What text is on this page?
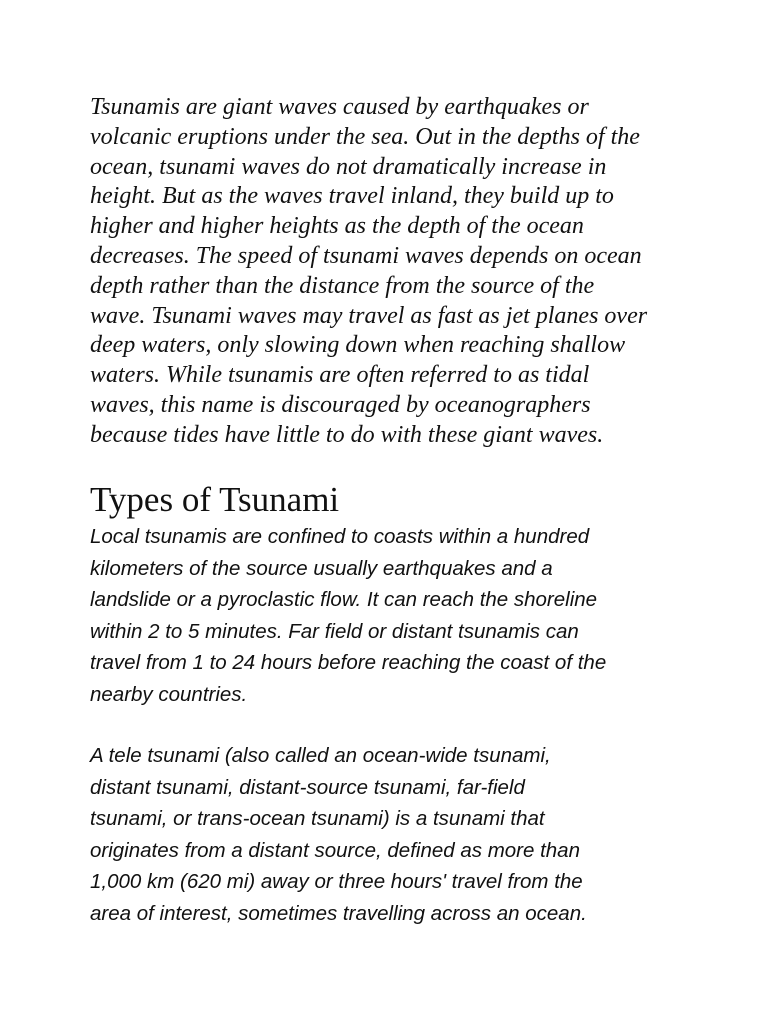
Tsunamis are giant waves caused by earthquakes or
volcanic eruptions under the sea. Out in the depths of the
ocean, tsunami waves do not dramatically increase in
height. But as the waves travel inland, they build up to
higher and higher heights as the depth of the ocean
decreases. The speed of tsunami waves depends on ocean
depth rather than the distance from the source of the
wave. Tsunami waves may travel as fast as jet planes over
deep waters, only slowing down when reaching shallow
waters. While tsunamis are often referred to as tidal
waves, this name is discouraged by oceanographers
because tides have little to do with these giant waves.

Types of Tsunami

Local tsunamis are confined to coasts within a hundred
kilometers of the source usually earthquakes and a
landslide or a pyroclastic flow. It can reach the shoreline
within 2 to 5 minutes. Far field or distant tsunamis can
travel from 1 to 24 hours before reaching the coast of the
nearby countries.

A tele tsunami (also called an ocean-wide tsunami,
distant tsunami, distant-source tsunami, far-field
tsunami, or trans-ocean tsunami) is a tsunami that
originates from a distant source, defined as more than
1,000 km (620 mi) away or three hours' travel from the
area of interest, sometimes travelling across an ocean.
